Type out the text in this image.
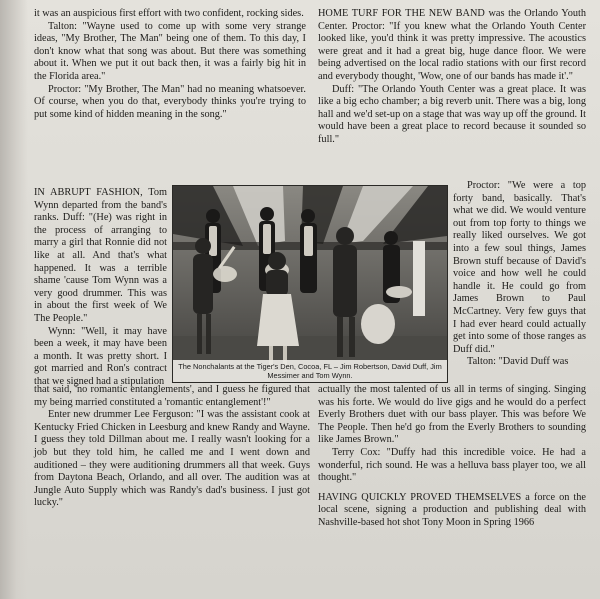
it was an auspicious first effort with two confident, rocking sides.

Talton: "Wayne used to come up with some very strange ideas, "My Brother, The Man" being one of them. To this day, I don't know what that song was about. But there was something about it. When we put it out back then, it was a fairly big hit in the Florida area."

Proctor: "My Brother, The Man" had no meaning whatsoever. Of course, when you do that, everybody thinks you're trying to put some kind of hidden meaning in the song."

IN ABRUPT FASHION, Tom Wynn departed from the band's ranks. Duff: "(He) was right in the process of arranging to marry a girl that Ronnie did not like at all. And that's what happened. It was a terrible shame 'cause Tom Wynn was a very good drummer. This was in about the first week of We The People."

Wynn: "Well, it may have been a week, it may have been a month. It was pretty short. I got married and Ron's contract that we signed had a stipulation

that said, 'no romantic entanglements', and I guess he figured that my being married constituted a 'romantic entanglement'!"

Enter new drummer Lee Ferguson: "I was the assistant cook at Kentucky Fried Chicken in Leesburg and knew Randy and Wayne. I guess they told Dillman about me. I really wasn't looking for a job but they told him, he called me and I went down and auditioned – they were auditioning drummers all that week. Guys from Daytona Beach, Orlando, and all over. The audition was at Jungle Auto Supply which was Randy's dad's business. I just got lucky."

The Nonchalants at the Tiger's Den, Cocoa, FL – Jim Robertson, David Duff, Jim Messimer and Tom Wynn.

HOME TURF FOR THE NEW BAND was the Orlando Youth Center. Proctor: "If you knew what the Orlando Youth Center looked like, you'd think it was pretty impressive. The acoustics were great and it had a great big, huge dance floor. We were being advertised on the local radio stations with our first record and everybody thought, 'Wow, one of our bands has made it'."

Duff: "The Orlando Youth Center was a great place. It was like a big echo chamber; a big reverb unit. There was a big, long hall and we'd set-up on a stage that was way up off the ground. It would have been a great place to record because it sounded so full."

Proctor: "We were a top forty band, basically. That's what we did. We would venture out from top forty to things we really liked ourselves. We got into a few soul things, James Brown stuff because of David's voice and how well he could handle it. He could go from James Brown to Paul McCartney. Very few guys that I had ever heard could actually get into some of those ranges as Duff did."

Talton: "David Duff was

actually the most talented of us all in terms of singing. Singing was his forte. We would do live gigs and he would do a perfect Everly Brothers duet with our bass player. This was before We The People. Then he'd go from the Everly Brothers to sounding like James Brown."

Terry Cox: "Duffy had this incredible voice. He had a wonderful, rich sound. He was a helluva bass player too, we all thought."

HAVING QUICKLY PROVED THEMSELVES a force on the local scene, signing a production and publishing deal with Nashville-based hot shot Tony Moon in Spring 1966
